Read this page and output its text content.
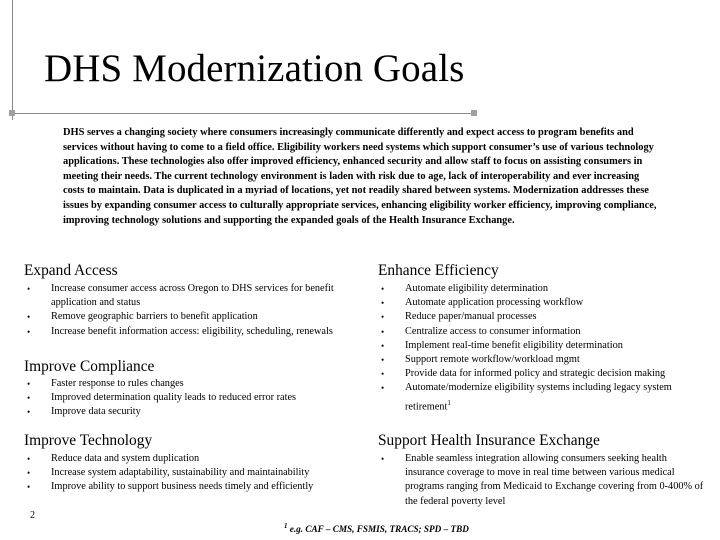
DHS Modernization Goals
DHS serves a changing society where consumers increasingly communicate differently and expect access to program benefits and services without having to come to a field office. Eligibility workers need systems which support consumer’s use of various technology applications. These technologies also offer improved efficiency, enhanced security and allow staff to focus on assisting consumers in meeting their needs. The current technology environment is laden with risk due to age, lack of interoperability and ever increasing costs to maintain. Data is duplicated in a myriad of locations, yet not readily shared between systems. Modernization addresses these issues by expanding consumer access to culturally appropriate services, enhancing eligibility worker efficiency, improving compliance, improving technology solutions and supporting the expanded goals of the Health Insurance Exchange.
Expand Access
• Increase consumer access across Oregon to DHS services for benefit application and status
• Remove geographic barriers to benefit application
• Increase benefit information access: eligibility, scheduling, renewals
Improve Compliance
• Faster response to rules changes
• Improved determination quality leads to reduced error rates
• Improve data security
Improve Technology
• Reduce data and system duplication
• Increase system adaptability, sustainability and maintainability
• Improve ability to support business needs timely and efficiently
Enhance Efficiency
• Automate eligibility determination
• Automate application processing workflow
• Reduce paper/manual processes
• Centralize access to consumer information
• Implement real-time benefit eligibility determination
• Support remote workflow/workload mgmt
• Provide data for informed policy and strategic decision making
• Automate/modernize eligibility systems including legacy system retirement$^1$
Support Health Insurance Exchange
• Enable seamless integration allowing consumers seeking health insurance coverage to move in real time between various medical programs ranging from Medicaid to Exchange covering from 0-400% of the federal poverty level
2
$^1$ e.g. CAF – CMS, FSMIS, TRACS; SPD – TBD
